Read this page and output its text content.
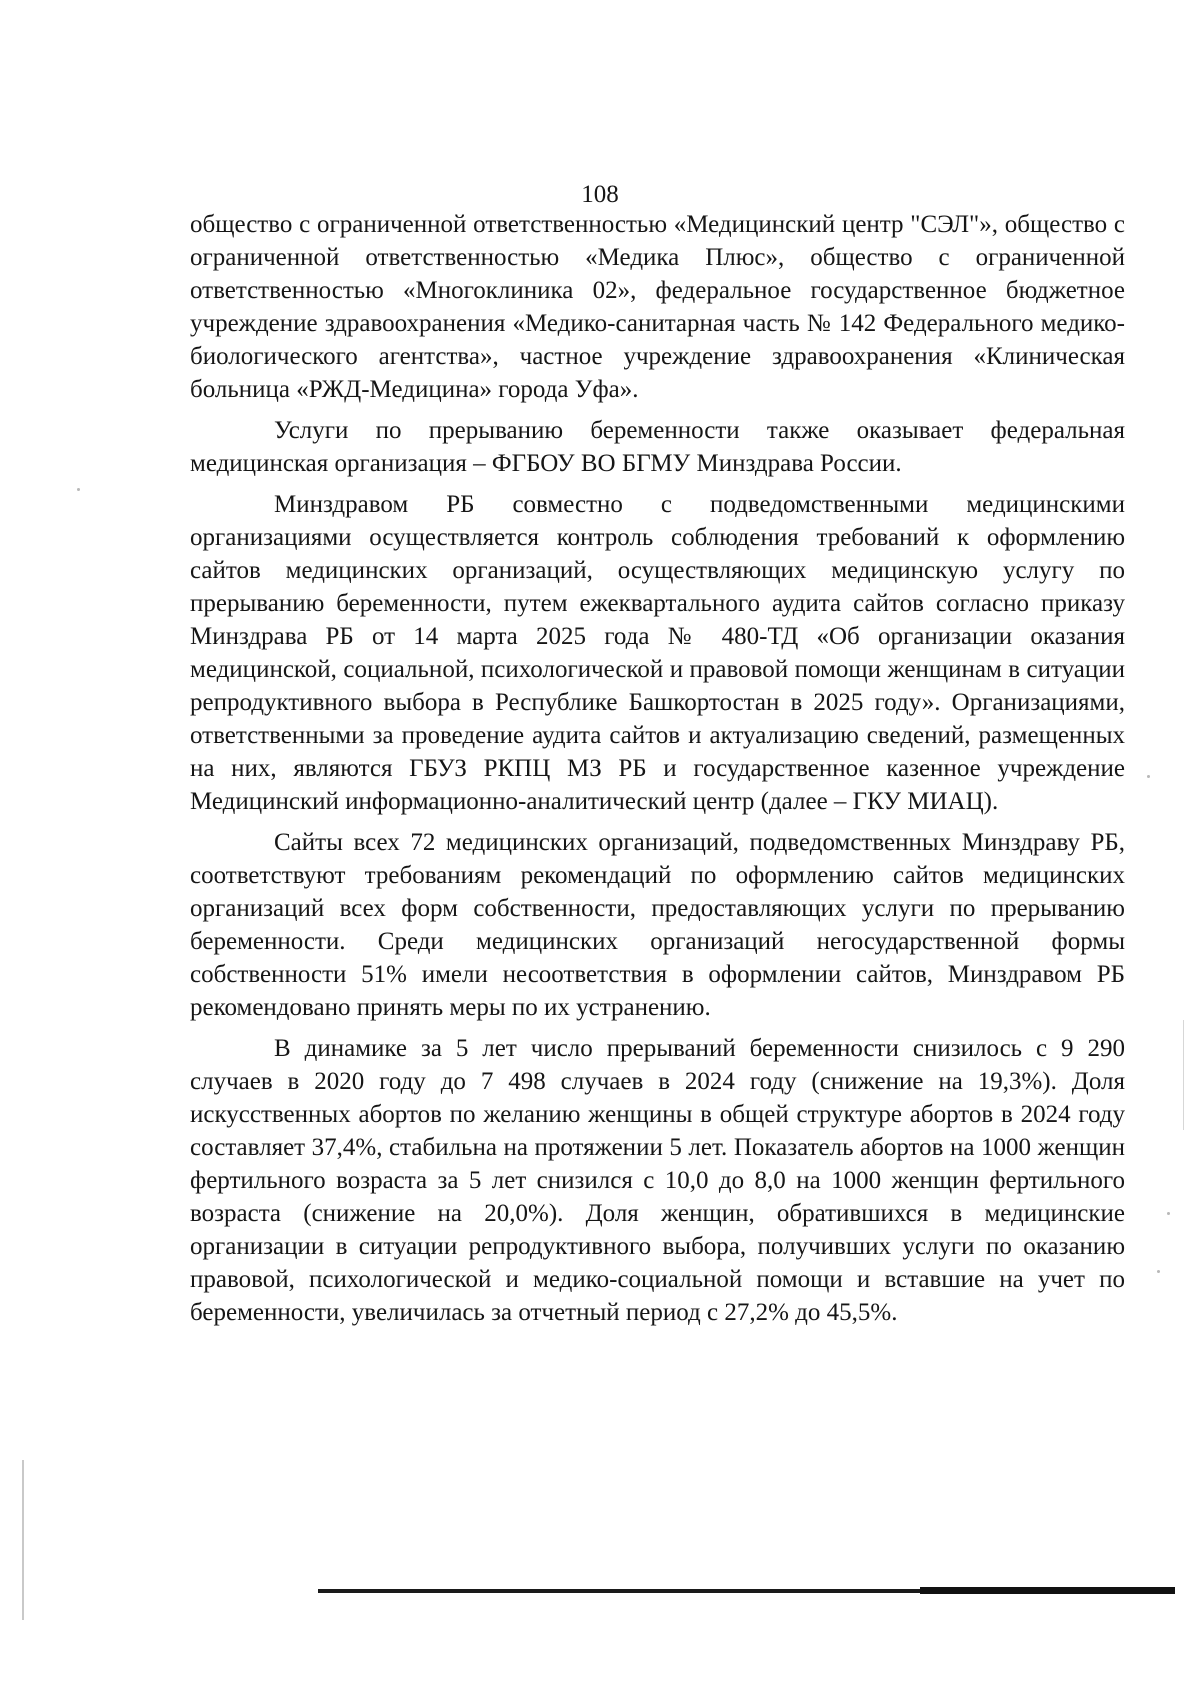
108

общество с ограниченной ответственностью «Медицинский центр "СЭЛ"», общество с ограниченной ответственностью «Медика Плюс», общество с ограниченной ответственностью «Многоклиника 02», федеральное государственное бюджетное учреждение здравоохранения «Медико-санитарная часть № 142 Федерального медико-биологического агентства», частное учреждение здравоохранения «Клиническая больница «РЖД-Медицина» города Уфа».

Услуги по прерыванию беременности также оказывает федеральная медицинская организация – ФГБОУ ВО БГМУ Минздрава России.

Минздравом РБ совместно с подведомственными медицинскими организациями осуществляется контроль соблюдения требований к оформлению сайтов медицинских организаций, осуществляющих медицинскую услугу по прерыванию беременности, путем ежеквартального аудита сайтов согласно приказу Минздрава РБ от 14 марта 2025 года № 480-ТД «Об организации оказания медицинской, социальной, психологической и правовой помощи женщинам в ситуации репродуктивного выбора в Республике Башкортостан в 2025 году». Организациями, ответственными за проведение аудита сайтов и актуализацию сведений, размещенных на них, являются ГБУЗ РКПЦ МЗ РБ и государственное казенное учреждение Медицинский информационно-аналитический центр (далее – ГКУ МИАЦ).

Сайты всех 72 медицинских организаций, подведомственных Минздраву РБ, соответствуют требованиям рекомендаций по оформлению сайтов медицинских организаций всех форм собственности, предоставляющих услуги по прерыванию беременности. Среди медицинских организаций негосударственной формы собственности 51% имели несоответствия в оформлении сайтов, Минздравом РБ рекомендовано принять меры по их устранению.

В динамике за 5 лет число прерываний беременности снизилось с 9 290 случаев в 2020 году до 7 498 случаев в 2024 году (снижение на 19,3%). Доля искусственных абортов по желанию женщины в общей структуре абортов в 2024 году составляет 37,4%, стабильна на протяжении 5 лет. Показатель абортов на 1000 женщин фертильного возраста за 5 лет снизился с 10,0 до 8,0 на 1000 женщин фертильного возраста (снижение на 20,0%). Доля женщин, обратившихся в медицинские организации в ситуации репродуктивного выбора, получивших услуги по оказанию правовой, психологической и медико-социальной помощи и вставшие на учет по беременности, увеличилась за отчетный период с 27,2% до 45,5%.
